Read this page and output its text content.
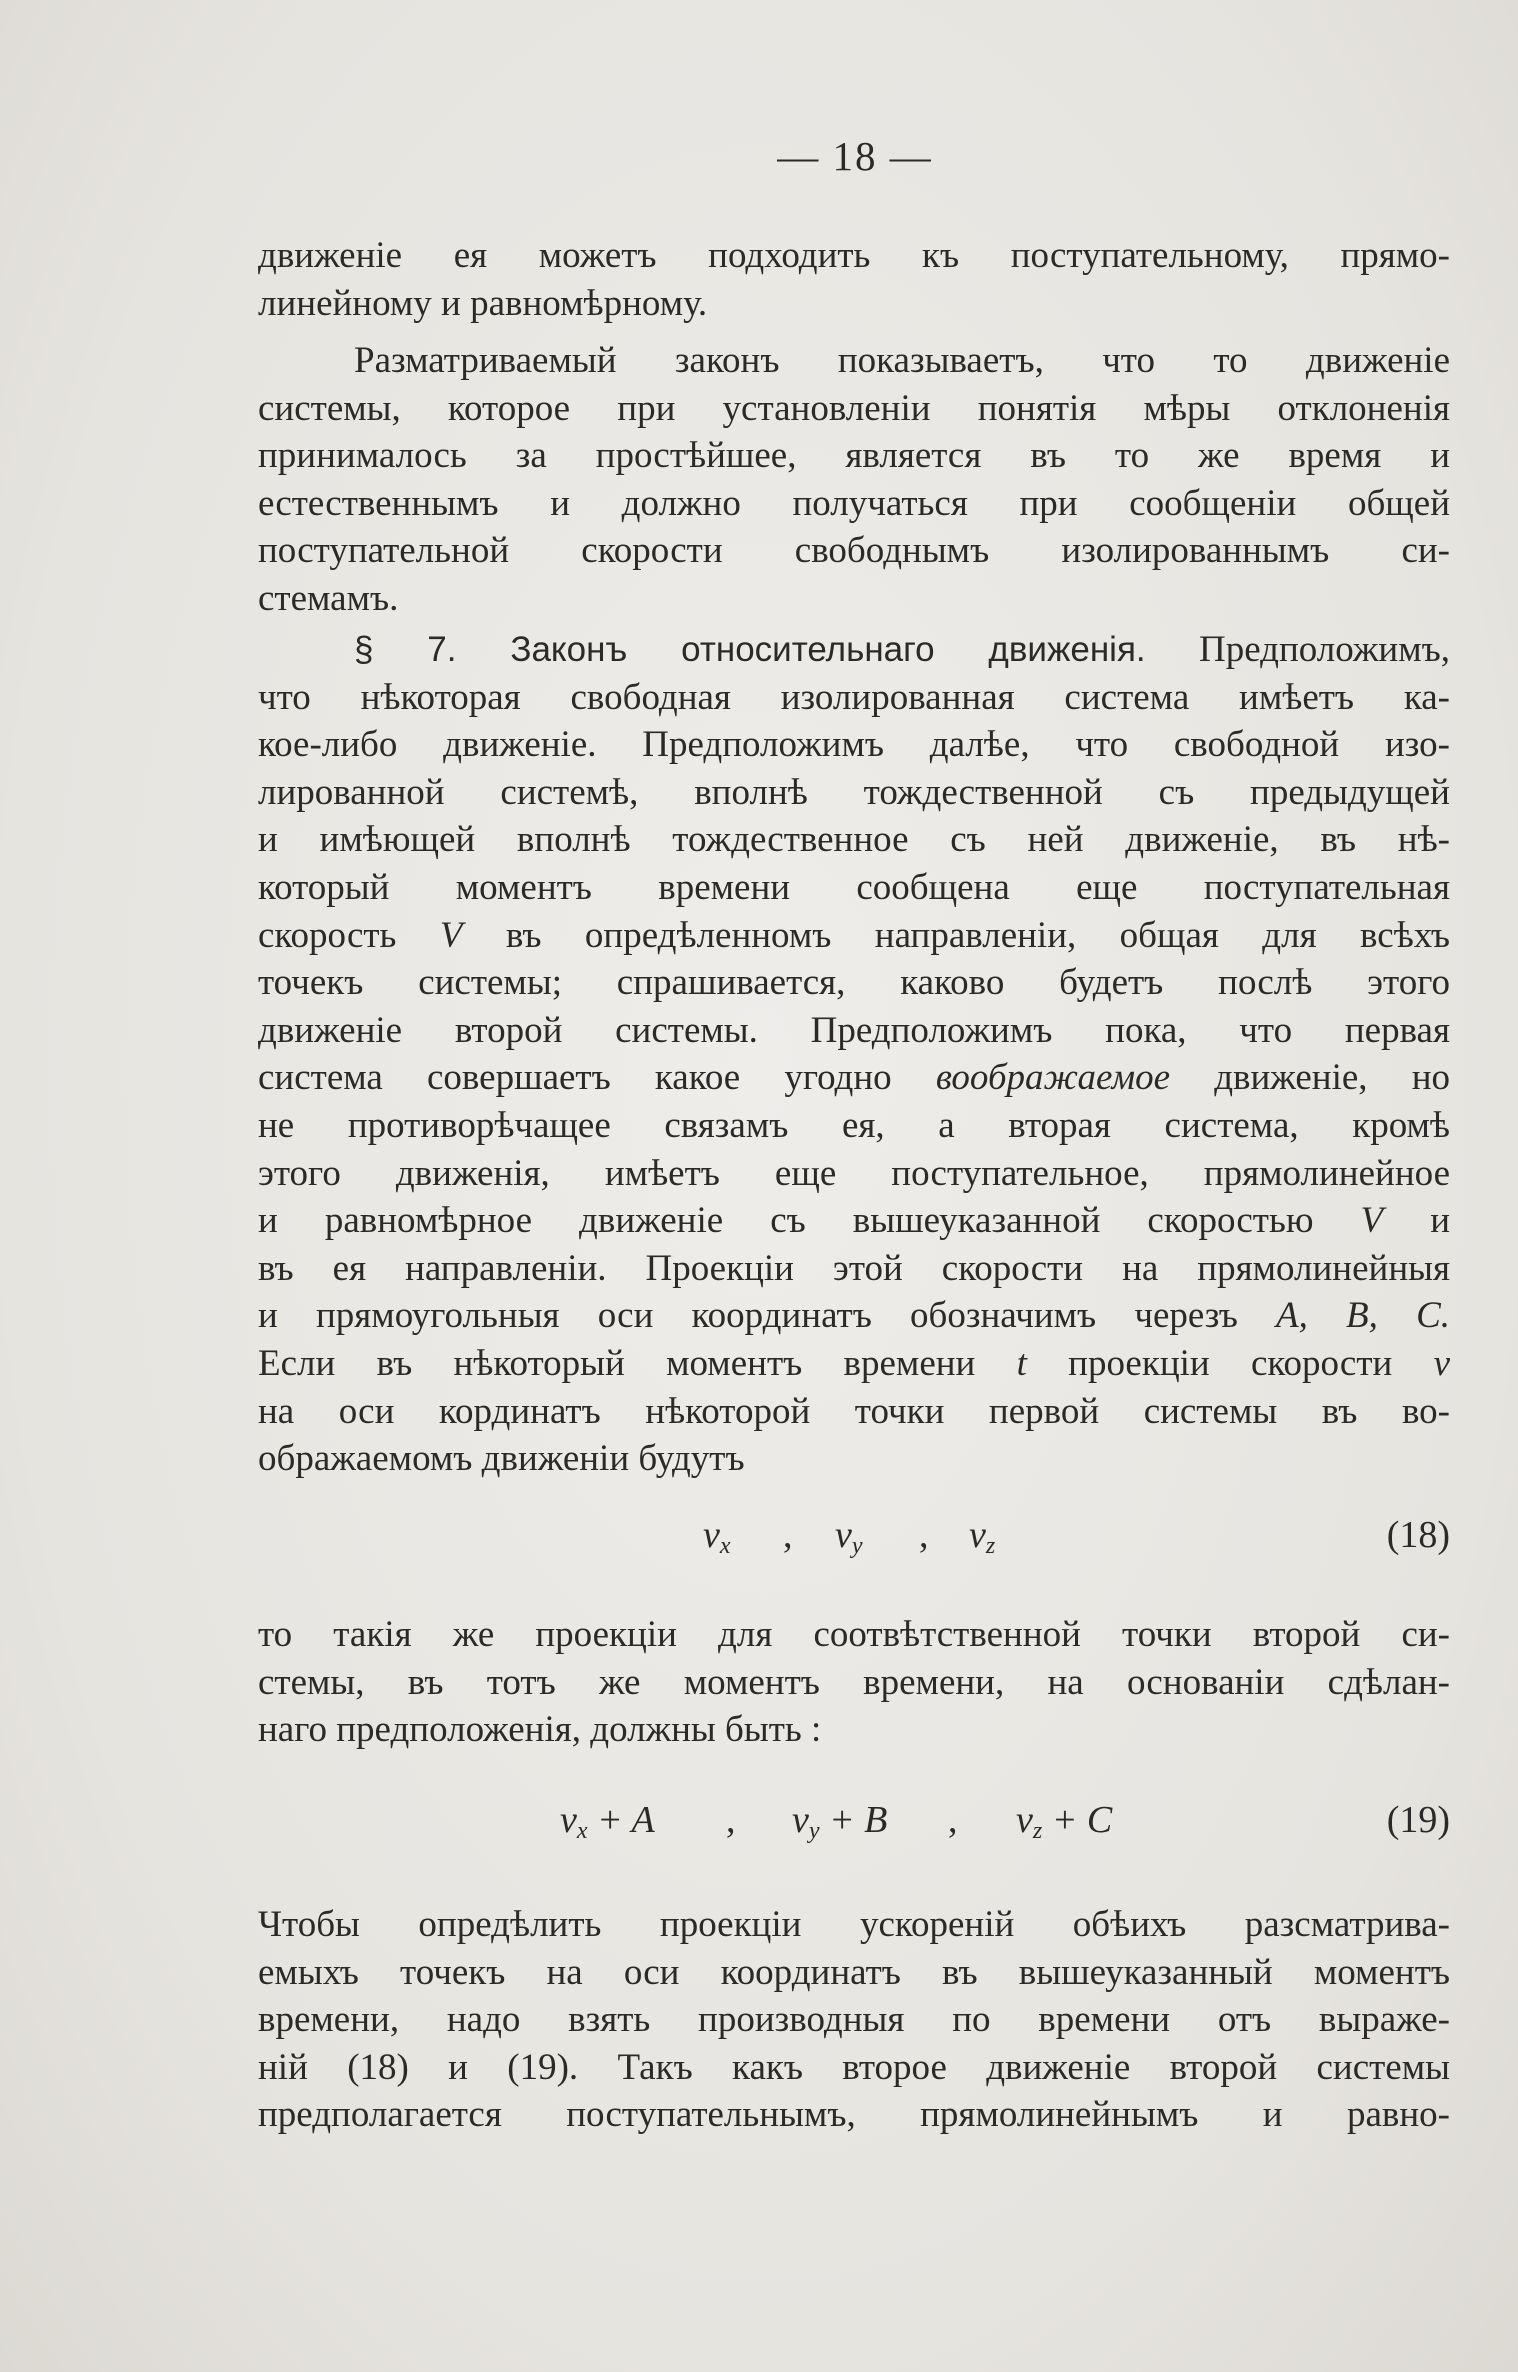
— 18 —
движеніе ея можетъ подходить къ поступательному, прямо-
линейному и равномѣрному.
Разматриваемый законъ показываетъ, что то движеніе
системы, которое при установленіи понятія мѣры отклоненія
принималось за простѣйшее, является въ то же время и
естественнымъ и должно получаться при сообщеніи общей
поступательной скорости свободнымъ изолированнымъ си-
стемамъ.
§ 7. Законъ относительнаго движенія. Предположимъ,
что нѣкоторая свободная изолированная система имѣетъ ка-
кое-либо движеніе. Предположимъ далѣе, что свободной изо-
лированной системѣ, вполнѣ тождественной съ предыдущей
и имѣющей вполнѣ тождественное съ ней движеніе, въ нѣ-
который моментъ времени сообщена еще поступательная
скорость V въ опредѣленномъ направленіи, общая для всѣхъ
точекъ системы; спрашивается, каково будетъ послѣ этого
движеніе второй системы. Предположимъ пока, что первая
система совершаетъ какое угодно воображаемое движеніе, но
не противорѣчащее связамъ ея, а вторая система, кромѣ
этого движенія, имѣетъ еще поступательное, прямолинейное
и равномѣрное движеніе съ вышеуказанной скоростью V и
въ ея направленіи. Проекціи этой скорости на прямолинейныя
и прямоугольныя оси координатъ обозначимъ черезъ A, B, C.
Если въ нѣкоторый моментъ времени t проекціи скорости v
на оси кординатъ нѣкоторой точки первой системы въ во-
ображаемомъ движеніи будутъ
$v_x$ , $v_y$ , $v_z$	(18)
то такія же проекціи для соотвѣтственной точки второй си-
стемы, въ тотъ же моментъ времени, на основаніи сдѣлан-
наго предположенія, должны быть :
$v_x + A$ , $v_y + B$ , $v_z + C$	(19)
Чтобы опредѣлить проекціи ускореній обѣихъ разсматрива-
емыхъ точекъ на оси координатъ въ вышеуказанный моментъ
времени, надо взять производныя по времени отъ выраже-
ній (18) и (19). Такъ какъ второе движеніе второй системы
предполагается поступательнымъ, прямолинейнымъ и равно-
